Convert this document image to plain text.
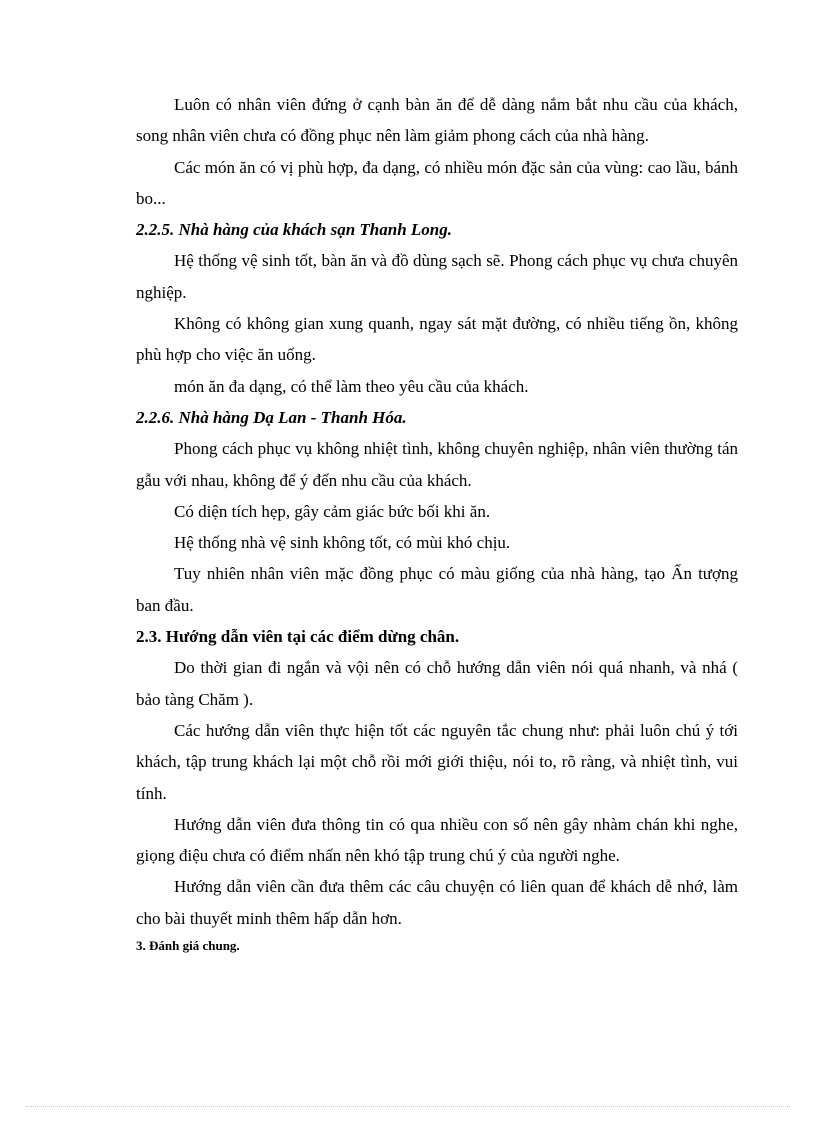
Luôn có nhân viên đứng ở cạnh bàn ăn để dễ dàng nắm bắt nhu cầu của khách, song nhân viên chưa có đồng phục nên làm giảm phong cách của nhà hàng.

Các món ăn có vị phù hợp, đa dạng, có nhiều món đặc sản của vùng: cao lầu, bánh bo...

2.2.5. Nhà hàng của khách sạn Thanh Long.

Hệ thống vệ sinh tốt, bàn ăn và đồ dùng sạch sẽ. Phong cách phục vụ chưa chuyên nghiệp.

Không có không gian xung quanh, ngay sát mặt đường, có nhiều tiếng ồn, không phù hợp cho việc ăn uống.

món ăn đa dạng, có thể làm theo yêu cầu của khách.

2.2.6. Nhà hàng Dạ Lan - Thanh Hóa.

Phong cách phục vụ không nhiệt tình, không chuyên nghiệp, nhân viên thường tán gẫu với nhau, không để ý đến nhu cầu của khách.

Có diện tích hẹp, gây cảm giác bức bối khi ăn.

Hệ thống nhà vệ sinh không tốt, có mùi khó chịu.

Tuy nhiên nhân viên mặc đồng phục có màu giống của nhà hàng, tạo Ấn tượng ban đầu.

2.3. Hướng dẫn viên tại các điểm dừng chân.

Do thời gian đi ngắn và vội nên có chỗ hướng dẫn viên nói quá nhanh, và nhá ( bảo tàng Chăm ).

Các hướng dẫn viên thực hiện tốt các nguyên tắc chung như: phải luôn chú ý tới khách, tập trung khách lại một chỗ rồi mới giới thiệu, nói to, rõ ràng, và nhiệt tình, vui tính.

Hướng dẫn viên đưa thông tin có qua nhiều con số nên gây nhàm chán khi nghe, giọng điệu chưa có điểm nhấn nên khó tập trung chú ý của người nghe.

Hướng dẫn viên cần đưa thêm các câu chuyện có liên quan để khách dễ nhớ, làm cho bài thuyết minh thêm hấp dẫn hơn.

3. Đánh giá chung.
